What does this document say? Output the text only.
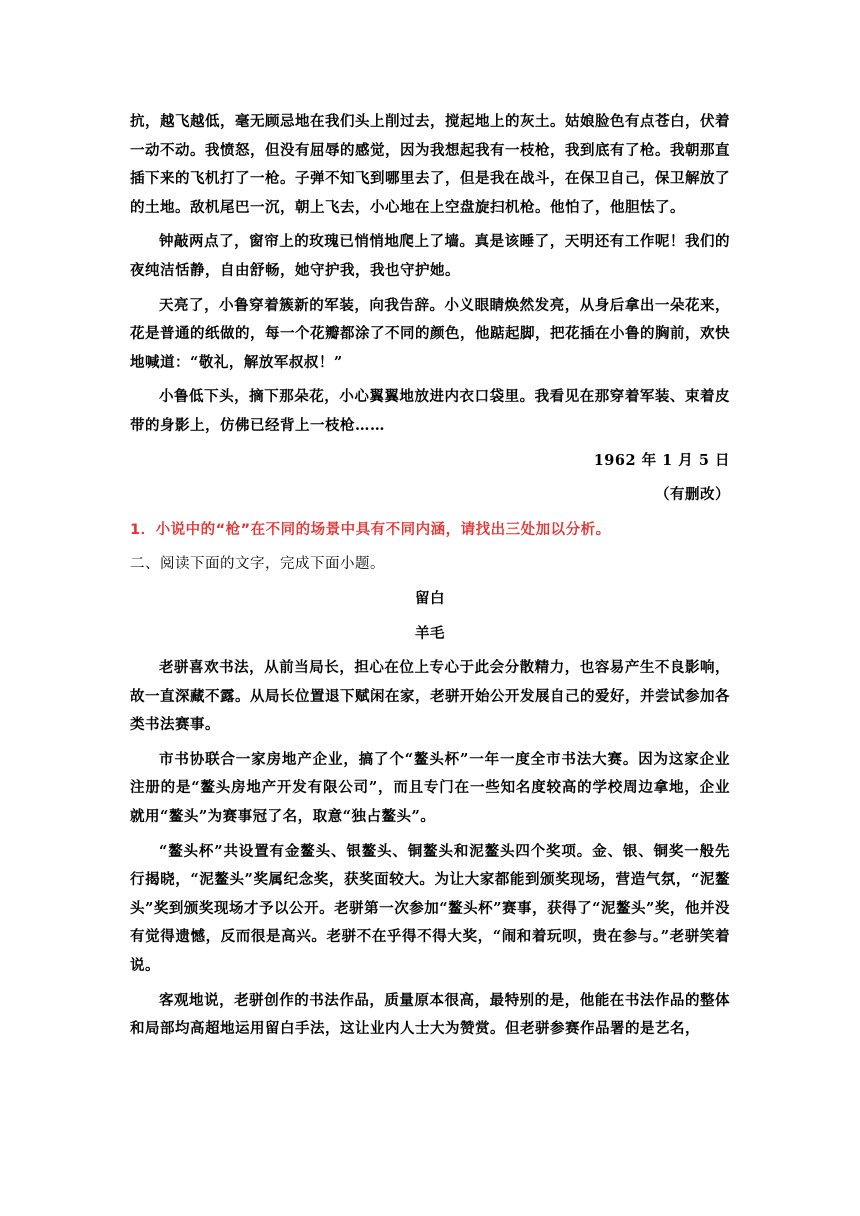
抗，越飞越低，毫无顾忌地在我们头上削过去，搅起地上的灰土。姑娘脸色有点苍白，伏着一动不动。我愤怒，但没有屈辱的感觉，因为我想起我有一枝枪，我到底有了枪。我朝那直插下来的飞机打了一枪。子弹不知飞到哪里去了，但是我在战斗，在保卫自己，保卫解放了的土地。敌机尾巴一沉，朝上飞去，小心地在上空盘旋扫机枪。他怕了，他胆怯了。

钟敲两点了，窗帘上的玫瑰已悄悄地爬上了墙。真是该睡了，天明还有工作呢！我们的夜纯洁恬静，自由舒畅，她守护我，我也守护她。

天亮了，小鲁穿着簇新的军装，向我告辞。小义眼睛焕然发亮，从身后拿出一朵花来，花是普通的纸做的，每一个花瓣都涂了不同的颜色，他踮起脚，把花插在小鲁的胸前，欢快地喊道：“敬礼，解放军叔叔！”

小鲁低下头，摘下那朵花，小心翼翼地放进内衣口袋里。我看见在那穿着军装、束着皮带的身影上，仿佛已经背上一枝枪……

1962 年 1 月 5 日

（有删改）

1．小说中的“枪”在不同的场景中具有不同内涵，请找出三处加以分析。

二、阅读下面的文字，完成下面小题。

留白

羊毛

老骈喜欢书法，从前当局长，担心在位上专心于此会分散精力，也容易产生不良影响，故一直深藏不露。从局长位置退下赋闲在家，老骈开始公开发展自己的爱好，并尝试参加各类书法赛事。

市书协联合一家房地产企业，搞了个“鳌头杯”一年一度全市书法大赛。因为这家企业注册的是“鳌头房地产开发有限公司”，而且专门在一些知名度较高的学校周边拿地，企业就用“鳌头”为赛事冠了名，取意“独占鳌头”。

“鳌头杯”共设置有金鳌头、银鳌头、铜鳌头和泥鳌头四个奖项。金、银、铜奖一般先行揭晓，“泥鳌头”奖属纪念奖，获奖面较大。为让大家都能到颁奖现场，营造气氛，“泥鳌头”奖到颁奖现场才予以公开。老骈第一次参加“鳌头杯”赛事，获得了“泥鳌头”奖，他并没有觉得遗憾，反而很是高兴。老骈不在乎得不得大奖，“闹和着玩呗，贵在参与。”老骈笑着说。

客观地说，老骈创作的书法作品，质量原本很高，最特别的是，他能在书法作品的整体和局部均高超地运用留白手法，这让业内人士大为赞赏。但老骈参赛作品署的是艺名，
